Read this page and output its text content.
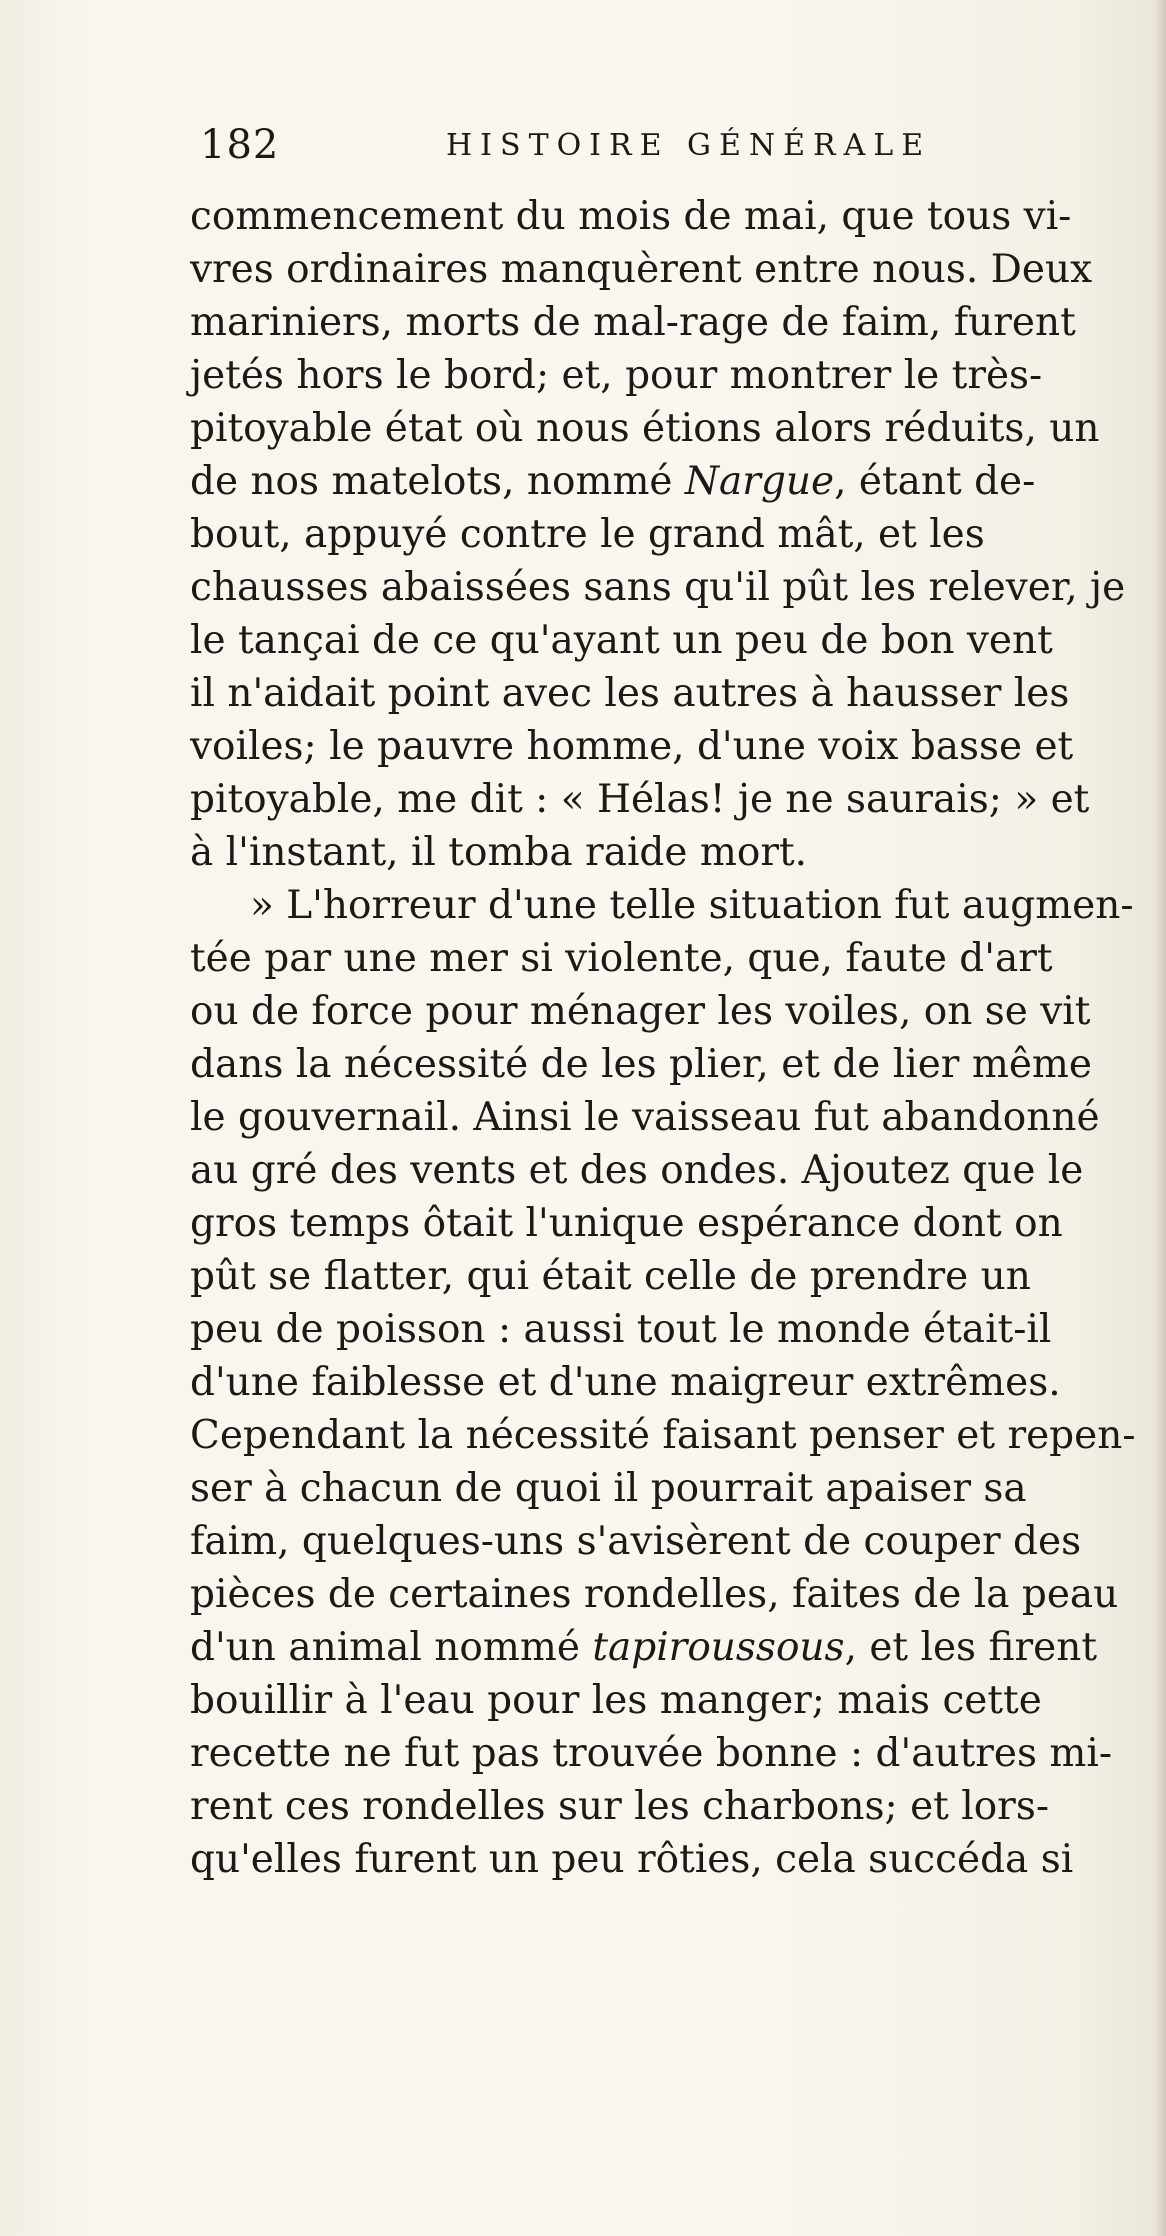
182	HISTOIRE GÉNÉRALE
commencement du mois de mai, que tous vi-
vres ordinaires manquèrent entre nous. Deux
mariniers, morts de mal-rage de faim, furent
jetés hors le bord; et, pour montrer le très-
pitoyable état où nous étions alors réduits, un
de nos matelots, nommé Nargue, étant de-
bout, appuyé contre le grand mât, et les
chausses abaissées sans qu'il pût les relever, je
le tançai de ce qu'ayant un peu de bon vent
il n'aidait point avec les autres à hausser les
voiles; le pauvre homme, d'une voix basse et
pitoyable, me dit : « Hélas! je ne saurais; » et
à l'instant, il tomba raide mort.
» L'horreur d'une telle situation fut augmen-
tée par une mer si violente, que, faute d'art
ou de force pour ménager les voiles, on se vit
dans la nécessité de les plier, et de lier même
le gouvernail. Ainsi le vaisseau fut abandonné
au gré des vents et des ondes. Ajoutez que le
gros temps ôtait l'unique espérance dont on
pût se flatter, qui était celle de prendre un
peu de poisson : aussi tout le monde était-il
d'une faiblesse et d'une maigreur extrêmes.
Cependant la nécessité faisant penser et repen-
ser à chacun de quoi il pourrait apaiser sa
faim, quelques-uns s'avisèrent de couper des
pièces de certaines rondelles, faites de la peau
d'un animal nommé tapiroussous, et les firent
bouillir à l'eau pour les manger; mais cette
recette ne fut pas trouvée bonne : d'autres mi-
rent ces rondelles sur les charbons; et lors-
qu'elles furent un peu rôties, cela succéda si
